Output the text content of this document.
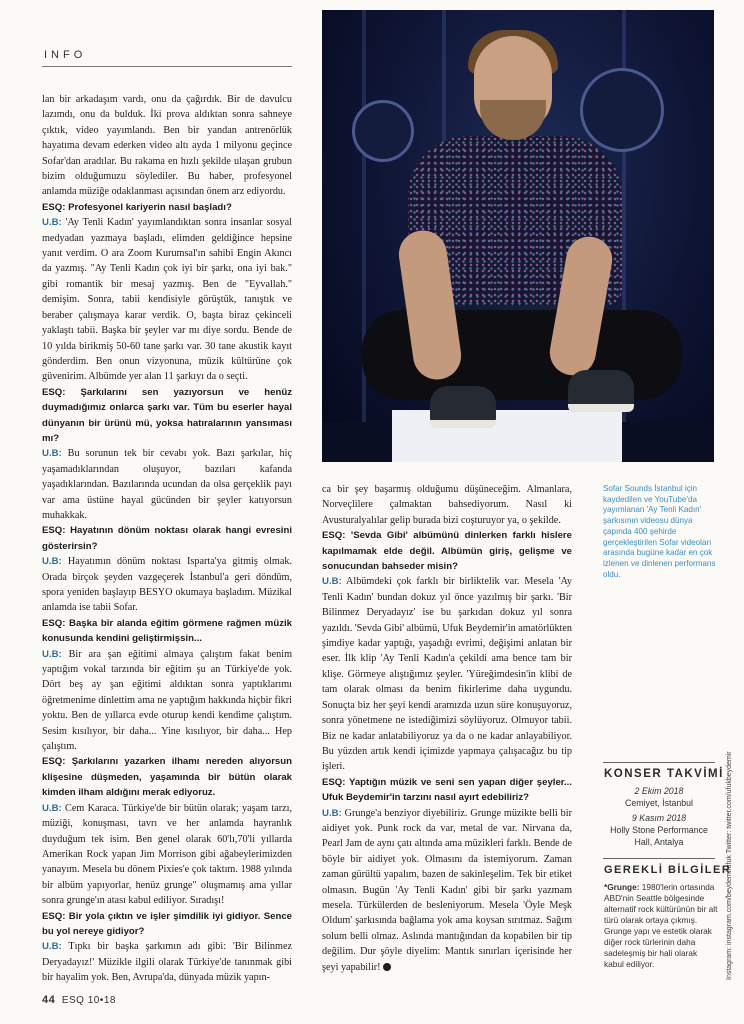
INFO

lan bir arkadaşım vardı, onu da çağırdık. Bir de davulcu lazımdı, onu da bulduk. İki prova aldıktan sonra sahneye çıktık, video yayımlandı. Ben bir yandan antrenörlük hayatıma devam ederken video altı ayda 1 milyonu geçince Sofar'dan aradılar. Bu rakama en hızlı şekilde ulaşan grubun bizim olduğumuzu söylediler. Bu haber, profesyonel anlamda müziğe odaklanması açısından önem arz ediyordu.

ESQ: Profesyonel kariyerin nasıl başladı?

U.B: 'Ay Tenli Kadın' yayımlandıktan sonra insanlar sosyal medyadan yazmaya başladı, elimden geldiğince hepsine yanıt verdim. O ara Zoom Kurumsal'ın sahibi Engin Akıncı da yazmış. "Ay Tenli Kadın çok iyi bir şarkı, ona iyi bak." gibi romantik bir mesaj yazmış. Ben de "Eyvallah." demişim. Sonra, tabii kendisiyle görüştük, tanıştık ve beraber çalışmaya karar verdik. O, başta biraz çekinceli yaklaştı tabii. Başka bir şeyler var mı diye sordu. Bende de 10 yılda birikmiş 50-60 tane şarkı var. 30 tane akustik kayıt gönderdim. Ben onun vizyonuna, müzik kültürüne çok güvenirim. Albümde yer alan 11 şarkıyı da o seçti.

ESQ: Şarkılarını sen yazıyorsun ve henüz duymadığımız onlarca şarkı var. Tüm bu eserler hayal dünyanın bir ürünü mü, yoksa hatıralarının yansıması mı?

U.B: Bu sorunun tek bir cevabı yok. Bazı şarkılar, hiç yaşamadıklarından oluşuyor, bazıları kafanda yaşadıklarından. Bazılarında ucundan da olsa gerçeklik payı var ama üstüne hayal gücünden bir şeyler katıyorsun muhakkak.

ESQ: Hayatının dönüm noktası olarak hangi evresini gösterirsin?

U.B: Hayatımın dönüm noktası Isparta'ya gitmiş olmak. Orada birçok şeyden vazgeçerek İstanbul'a geri döndüm, spora yeniden başlayıp BESYO okumaya başladım. Müzikal anlamda ise tabii Sofar.

ESQ: Başka bir alanda eğitim görmene rağmen müzik konusunda kendini geliştirmişsin...

U.B: Bir ara şan eğitimi almaya çalıştım fakat benim yaptığım vokal tarzında bir eğitim şu an Türkiye'de yok. Dört beş ay şan eğitimi aldıktan sonra yaptıklarımı öğretmenime dinlettim ama ne yaptığım hakkında hiçbir fikri yoktu. Ben de yıllarca evde oturup kendi kendime çalıştım. Sesim kısılıyor, bir daha... Yine kısılıyor, bir daha... Hep çalıştım.

ESQ: Şarkılarını yazarken ilhamı nereden alıyorsun klişesine düşmeden, yaşamında bir bütün olarak kimden ilham aldığını merak ediyoruz.

U.B: Cem Karaca. Türkiye'de bir bütün olarak; yaşam tarzı, müziği, konuşması, tavrı ve her anlamda hayranlık duyduğum tek isim. Ben genel olarak 60'lı,70'li yıllarda Amerikan Rock yapan Jim Morrison gibi ağabeylerimizden yanayım. Mesela bu dönem Pixies'e çok taktım. 1988 yılında bir albüm yapıyorlar, henüz grunge" oluşmamış ama yıllar sonra grunge'ın atası kabul ediliyor. Sıradışı!

ESQ: Bir yola çıktın ve işler şimdilik iyi gidiyor. Sence bu yol nereye gidiyor?

U.B: Tıpkı bir başka şarkımın adı gibi: 'Bir Bilinmez Deryadayız!' Müzikle ilgili olarak Türkiye'de tanınmak gibi bir hayalim yok. Ben, Avrupa'da, dünyada müzik yapın-

ca bir şey başarmış olduğumu düşüneceğim. Almanlara, Norveçlilere çalmaktan bahsediyorum. Nasıl ki Avusturalyalılar gelip burada bizi coşturuyor ya, o şekilde.

ESQ: 'Sevda Gibi' albümünü dinlerken farklı hislere kapılmamak elde değil. Albümün giriş, gelişme ve sonucundan bahseder misin?

U.B: Albümdeki çok farklı bir birliktelik var. Mesela 'Ay Tenli Kadın' bundan dokuz yıl önce yazılmış bir şarkı. 'Bir Bilinmez Deryadayız' ise bu şarkıdan dokuz yıl sonra yazıldı. 'Sevda Gibi' albümü, Ufuk Beydemir'in amatörlükten şimdiye kadar yaptığı, yaşadığı evrimi, değişimi anlatan bir eser. İlk klip 'Ay Tenli Kadın'a çekildi ama bence tam bir klişe. Görmeye alıştığımız şeyler. 'Yüreğimdesin'in klibi de tam olarak olması da benim fikirlerime daha uygundu. Sonuçta biz her şeyi kendi aramızda uzun süre konuşuyoruz, sonra yönetmene ne istediğimizi söylüyoruz. Olmuyor tabii. Biz ne kadar anlatabiliyoruz ya da o ne kadar anlayabiliyor. Bu yüzden artık kendi içimizde yapmaya çalışacağız bu tip işleri.

ESQ: Yaptığın müzik ve seni sen yapan diğer şeyler... Ufuk Beydemir'in tarzını nasıl ayırt edebiliriz?

U.B: Grunge'a benziyor diyebiliriz. Grunge müzikte belli bir aidiyet yok. Punk rock da var, metal de var. Nirvana da, Pearl Jam de aynı çatı altında ama müzikleri farklı. Bende de böyle bir aidiyet yok. Olmasını da istemiyorum. Zaman zaman gürültü yapalım, bazen de sakinleşelim. Tek bir etiket olmasın. Bugün 'Ay Tenli Kadın' gibi bir şarkı yazmam mesela. Türkülerden de besleniyorum. Mesela 'Öyle Meşk Oldum' şarkısında bağlama yok ama koysan sırıtmaz. Sağım solum belli olmaz. Aslında mantığından da kopabilen bir tip değilim. Dur şöyle diyelim: Mantık sınırları içerisinde her şeyi yapabilir!

Sofar Sounds İstanbul için kaydedilen ve YouTube'da yayımlanan 'Ay Tenli Kadın' şarkısının videosu dünya çapında 400 şehirde gerçekleştirilen Sofar videoları arasında bugüne kadar en çok izlenen ve dinlenen performans oldu.
KONSER TAKVİMİ
2 Ekim 2018
Cemiyet, İstanbul
9 Kasım 2018
Holly Stone Performance Hall, Antalya
GEREKLİ BİLGİLER
*Grunge: 1980'lerin ortasında ABD'nin Seattle bölgesinde alternatif rock kültürünün bir alt türü olarak ortaya çıkmış. Grunge yapı ve estetik olarak diğer rock türlerinin daha sadeleşmiş bir hali olarak kabul ediliyor.	Instagram: instagram.com/beydemirufuk Twitter: twitter.com/ufukbeydemir
44 ESQ 10•18
